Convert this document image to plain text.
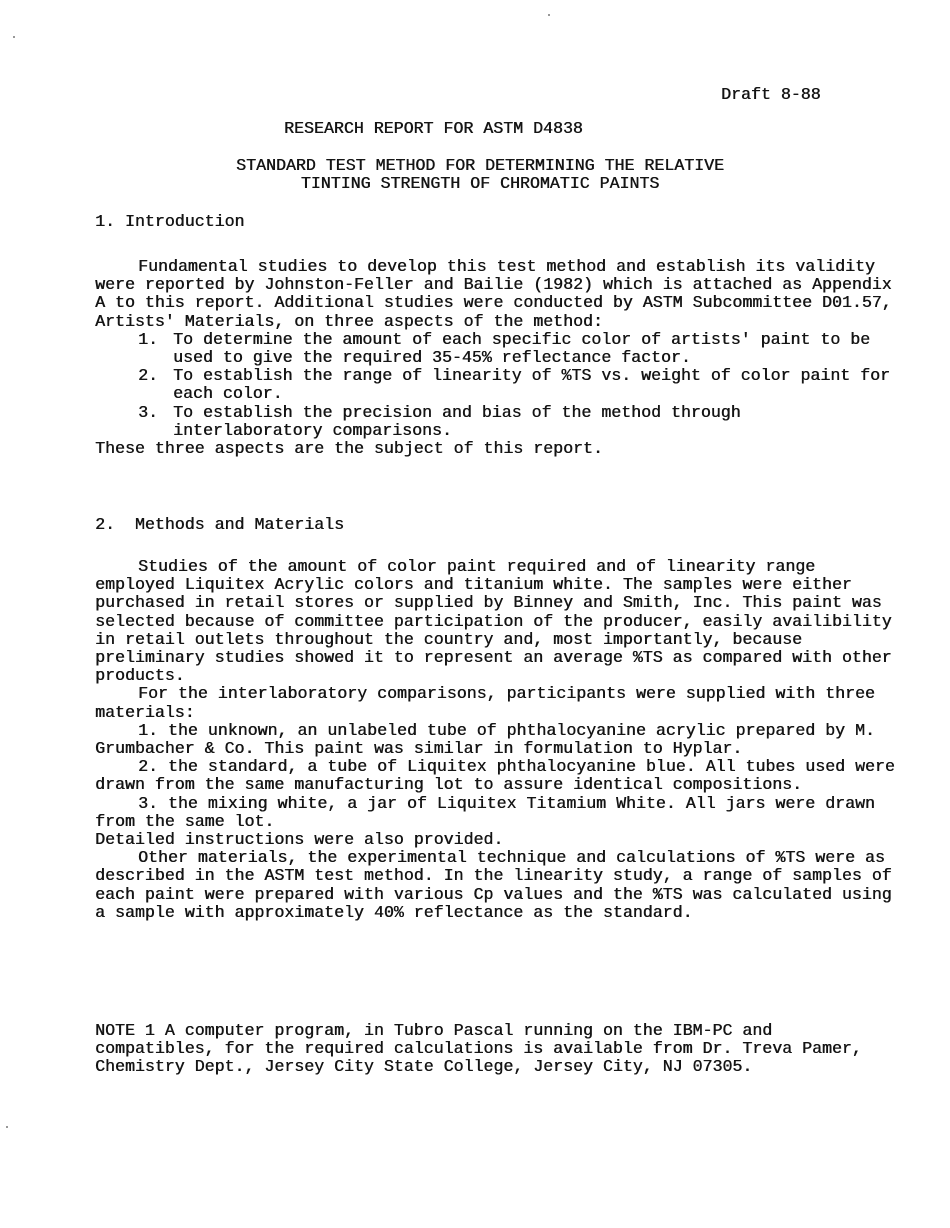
Draft 8-88
RESEARCH REPORT FOR ASTM D4838
STANDARD TEST METHOD FOR DETERMINING THE RELATIVE
TINTING STRENGTH OF CHROMATIC PAINTS
1. Introduction

Fundamental studies to develop this test method and establish its validity were reported by Johnston-Feller and Bailie (1982) which is attached as Appendix A to this report. Additional studies were conducted by ASTM Subcommittee D01.57, Artists' Materials, on three aspects of the method:

1. To determine the amount of each specific color of artists' paint to be used to give the required 35-45% reflectance factor.
2. To establish the range of linearity of %TS vs. weight of color paint for each color.
3. To establish the precision and bias of the method through interlaboratory comparisons.

These three aspects are the subject of this report.

2.  Methods and Materials

Studies of the amount of color paint required and of linearity range employed Liquitex Acrylic colors and titanium white. The samples were either purchased in retail stores or supplied by Binney and Smith, Inc. This paint was selected because of committee participation of the producer, easily availibility in retail outlets throughout the country and, most importantly, because preliminary studies showed it to represent an average %TS as compared with other products.

For the interlaboratory comparisons, participants were supplied with three materials:

1. the unknown, an unlabeled tube of phthalocyanine acrylic prepared by M. Grumbacher & Co. This paint was similar in formulation to Hyplar.

2. the standard, a tube of Liquitex phthalocyanine blue. All tubes used were drawn from the same manufacturing lot to assure identical compositions.

3. the mixing white, a jar of Liquitex Titamium White. All jars were drawn from the same lot.

Detailed instructions were also provided.

Other materials, the experimental technique and calculations of %TS were as described in the ASTM test method. In the linearity study, a range of samples of each paint were prepared with various Cp values and the %TS was calculated using a sample with approximately 40% reflectance as the standard.

NOTE 1 A computer program, in Tubro Pascal running on the IBM-PC and compatibles, for the required calculations is available from Dr. Treva Pamer, Chemistry Dept., Jersey City State College, Jersey City, NJ 07305.
